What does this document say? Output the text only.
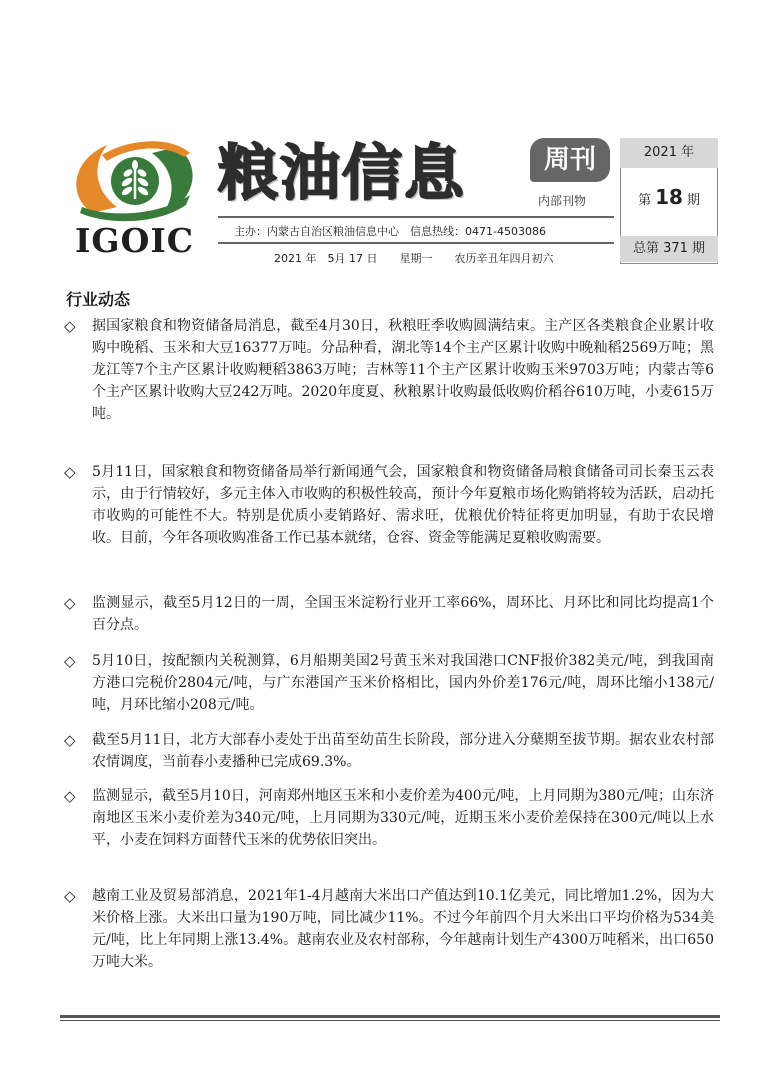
IGOIC
粮油信息	周刊
内部刊物
主办：内蒙古自治区粮油信息中心　信息热线：0471-4503086
2021 年　5月 17 日　　星期一　　农历辛丑年四月初六
2021 年
第 18 期
总第 371 期
行业动态
◇ 据国家粮食和物资储备局消息，截至4月30日，秋粮旺季收购圆满结束。主产区各类粮食企业累计收购中晚稻、玉米和大豆16377万吨。分品种看，湖北等14个主产区累计收购中晚籼稻2569万吨；黑龙江等7个主产区累计收购粳稻3863万吨；吉林等11个主产区累计收购玉米9703万吨；内蒙古等6个主产区累计收购大豆242万吨。2020年度夏、秋粮累计收购最低收购价稻谷610万吨，小麦615万吨。
◇ 5月11日，国家粮食和物资储备局举行新闻通气会，国家粮食和物资储备局粮食储备司司长秦玉云表示，由于行情较好，多元主体入市收购的积极性较高，预计今年夏粮市场化购销将较为活跃，启动托市收购的可能性不大。特别是优质小麦销路好、需求旺，优粮优价特征将更加明显，有助于农民增收。目前，今年各项收购准备工作已基本就绪，仓容、资金等能满足夏粮收购需要。
◇ 监测显示，截至5月12日的一周，全国玉米淀粉行业开工率66%，周环比、月环比和同比均提高1个百分点。
◇ 5月10日，按配额内关税测算，6月船期美国2号黄玉米对我国港口CNF报价382美元/吨，到我国南方港口完税价2804元/吨，与广东港国产玉米价格相比，国内外价差176元/吨，周环比缩小138元/吨，月环比缩小208元/吨。
◇ 截至5月11日，北方大部春小麦处于出苗至幼苗生长阶段，部分进入分蘖期至拔节期。据农业农村部农情调度，当前春小麦播种已完成69.3%。
◇ 监测显示，截至5月10日，河南郑州地区玉米和小麦价差为400元/吨，上月同期为380元/吨；山东济南地区玉米小麦价差为340元/吨，上月同期为330元/吨，近期玉米小麦价差保持在300元/吨以上水平，小麦在饲料方面替代玉米的优势依旧突出。
◇ 越南工业及贸易部消息，2021年1-4月越南大米出口产值达到10.1亿美元，同比增加1.2%，因为大米价格上涨。大米出口量为190万吨，同比减少11%。不过今年前四个月大米出口平均价格为534美元/吨，比上年同期上涨13.4%。越南农业及农村部称，今年越南计划生产4300万吨稻米，出口650万吨大米。
